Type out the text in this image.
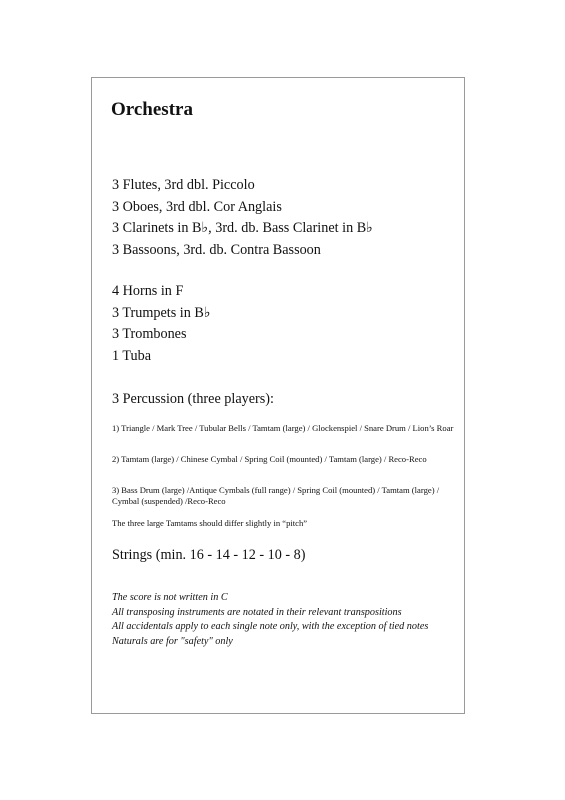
Orchestra
3 Flutes, 3rd dbl. Piccolo
3 Oboes, 3rd dbl. Cor Anglais
3 Clarinets in B♭, 3rd. db. Bass Clarinet in B♭
3 Bassoons, 3rd. db. Contra Bassoon
4 Horns in F
3 Trumpets in B♭
3 Trombones
1 Tuba
3 Percussion (three players):

1) Triangle / Mark Tree / Tubular Bells / Tamtam (large) / Glockenspiel / Snare Drum / Lion’s Roar

2) Tamtam (large) / Chinese Cymbal / Spring Coil (mounted) / Tamtam (large) / Reco-Reco

3) Bass Drum (large) /Antique Cymbals (full range) / Spring Coil (mounted) / Tamtam (large) / Cymbal (suspended) /Reco-Reco

The three large Tamtams should differ slightly in “pitch”

Strings (min. 16 - 14 - 12 - 10 - 8)
The score is not written in C
All transposing instruments are notated in their relevant transpositions
All accidentals apply to each single note only, with the exception of tied notes
Naturals are for "safety" only
